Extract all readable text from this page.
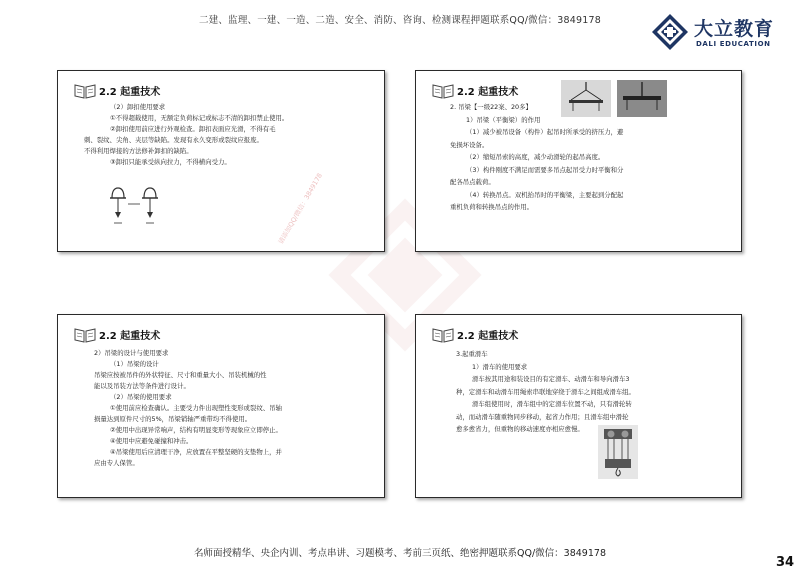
二建、监理、一建、一造、二造、安全、消防、咨询、检测课程押题联系QQ/微信：3849178	大立教育
DALI EDUCATION
2.2 起重技术

（2）卸扣使用要求

①不得超载使用，无额定负荷标记或标志不清的卸扣禁止使用。

②卸扣使用前应进行外观检查。卸扣表面应光滑，不得有毛

刺、裂纹、尖角、夹层等缺陷。发现有永久变形或裂纹应报废。

不得利用焊接的方法修补卸扣的缺陷。

③卸扣只能承受纵向拉力，不得横向受力。

请添加QQ/微信：3849178
2.2 起重技术

2. 吊梁【一级22案、20多】

1）吊梁（平衡梁）的作用

（1）减少被吊设备（构件）起吊时所承受的挤压力，避

免损坏设备。

（2）缩短吊索的高度，减少动滑轮的起吊高度。

（3）构件刚度不满足而需要多吊点起吊受力时平衡和分

配各吊点载荷。

（4）转换吊点。双机抬吊时的平衡梁，主要起到分配起

重机负荷和转换吊点的作用。

2.2 起重技术

2）吊梁的设计与使用要求

（1）吊梁的设计

吊梁应按被吊件的外状特征、尺寸和重量大小、吊装机械的性

能以及吊装方法等条件进行设计。

（2）吊梁的使用要求

①使用前应检查确认。主要受力件出现塑性变形或裂纹、吊轴

损量达到原件尺寸的5%，吊梁销轴严重带均不得使用。

②使用中出现异常响声，结构有明显变形等现象应立即停止。

④使用中应避免碰撞和冲击。

④吊梁使用后应清理干净，应放置在平整坚硬的支垫物上，并

应由专人保管。

2.2 起重技术

3.起重滑车

1）滑车的使用要求

滑车按其用途和装设目的有定滑车、动滑车和导向滑车3

种，定滑车和动滑车用绳索串联地穿绕于滑车之间组成滑车组。

滑车组使用时，滑车组中的定滑车位置不动，只有滑轮转

动，而动滑车随重物同步移动，起省力作用；且滑车组中滑轮

愈多愈省力，但重物的移动速度亦相应愈慢。

名师面授精华、央企内训、考点串讲、习题模考、考前三页纸、绝密押题联系QQ/微信：3849178
34
